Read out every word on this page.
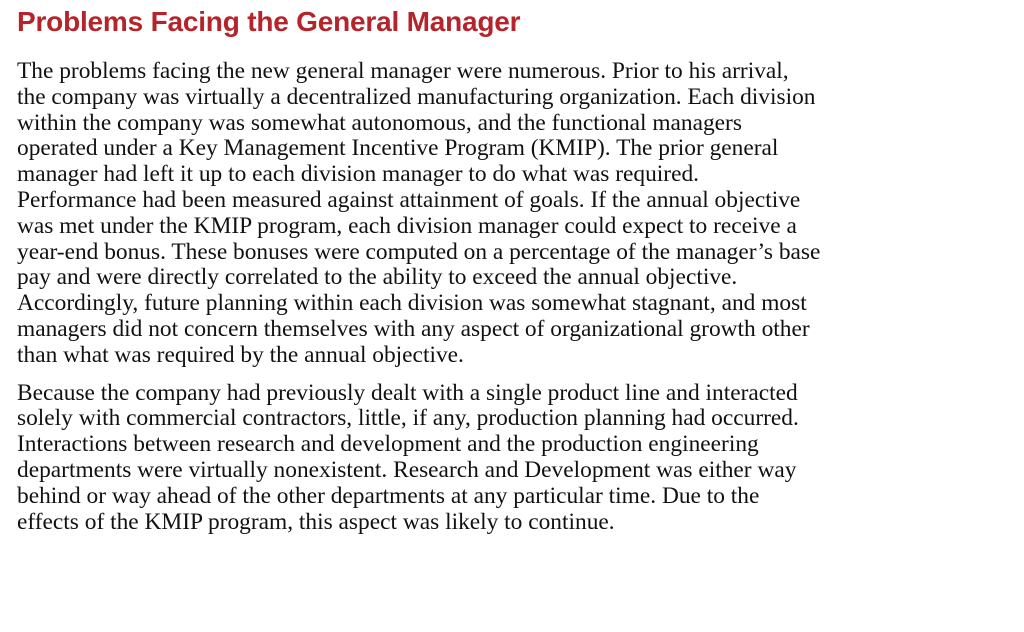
Problems Facing the General Manager

The problems facing the new general manager were numerous. Prior to his arrival,
the company was virtually a decentralized manufacturing organization. Each division
within the company was somewhat autonomous, and the functional managers
operated under a Key Management Incentive Program (KMIP). The prior general
manager had left it up to each division manager to do what was required.
Performance had been measured against attainment of goals. If the annual objective
was met under the KMIP program, each division manager could expect to receive a
year-end bonus. These bonuses were computed on a percentage of the manager’s base
pay and were directly correlated to the ability to exceed the annual objective.
Accordingly, future planning within each division was somewhat stagnant, and most
managers did not concern themselves with any aspect of organizational growth other
than what was required by the annual objective.

Because the company had previously dealt with a single product line and interacted
solely with commercial contractors, little, if any, production planning had occurred.
Interactions between research and development and the production engineering
departments were virtually nonexistent. Research and Development was either way
behind or way ahead of the other departments at any particular time. Due to the
effects of the KMIP program, this aspect was likely to continue.
